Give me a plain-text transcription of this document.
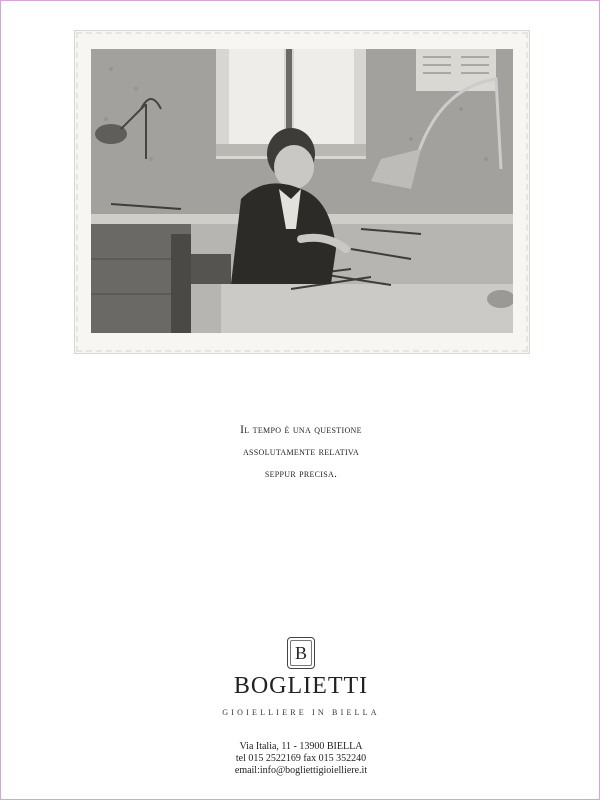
Il tempo è una questione
assolutamente relativa
seppur precisa.
B
BOGLIETTI
GIOIELLIERE IN BIELLA
Via Italia, 11 - 13900 BIELLA
tel 015 2522169 fax 015 352240
email:info@bogliettigioielliere.it
